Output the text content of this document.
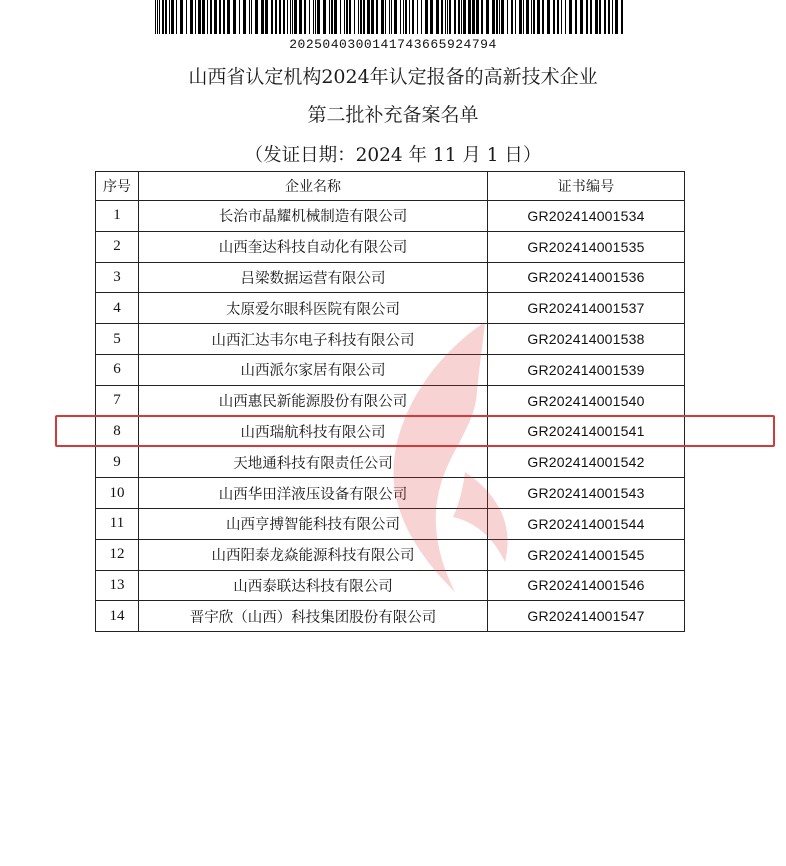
20250403001417436659247​94
山西省认定机构2024年认定报备的高新技术企业
第二批补充备案名单
（发证日期：2024 年 11 月 1 日）
序号	企业名称	证书编号
1	长治市晶耀机械制造有限公司	GR202414001534
2	山西奎达科技自动化有限公司	GR202414001535
3	吕梁数据运营有限公司	GR202414001536
4	太原爱尔眼科医院有限公司	GR202414001537
5	山西汇达韦尔电子科技有限公司	GR202414001538
6	山西派尔家居有限公司	GR202414001539
7	山西惠民新能源股份有限公司	GR202414001540
8	山西瑞航科技有限公司	GR202414001541
9	天地通科技有限责任公司	GR202414001542
10	山西华田洋液压设备有限公司	GR202414001543
11	山西亨搏智能科技有限公司	GR202414001544
12	山西阳泰龙焱能源科技有限公司	GR202414001545
13	山西泰联达科技有限公司	GR202414001546
14	晋宇欣（山西）科技集团股份有限公司	GR202414001547
